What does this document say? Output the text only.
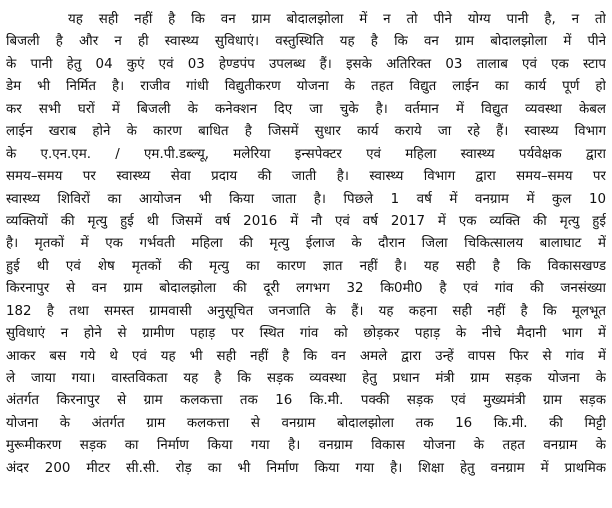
यह सही नहीं है कि वन ग्राम बोदालझोला में न तो पीने योग्य पानी है, न तो
बिजली है और न ही स्वास्थ्य सुविधाएं। वस्तुस्थिति यह है कि वन ग्राम बोदालझोला में पीने
के पानी हेतु 04 कुएं एवं 03 हेण्डपंप उपलब्ध हैं। इसके अतिरिक्त 03 तालाब एवं एक स्टाप
डेम भी निर्मित है। राजीव गांधी विद्युतीकरण योजना के तहत विद्युत लाईन का कार्य पूर्ण हो
कर सभी घरों में बिजली के कनेक्शन दिए जा चुके है। वर्तमान में विद्युत व्यवस्था केबल
लाईन खराब होने के कारण बाधित है जिसमें सुधार कार्य कराये जा रहे हैं। स्वास्थ्य विभाग
के ए.एन.एम. / एम.पी.डब्ल्यू, मलेरिया इन्सपेक्टर एवं महिला स्वास्थ्य पर्यवेक्षक द्वारा
समय–समय पर स्वास्थ्य सेवा प्रदाय की जाती है। स्वास्थ्य विभाग द्वारा समय–समय पर
स्वास्थ्य शिविरों का आयोजन भी किया जाता है। पिछले 1 वर्ष में वनग्राम में कुल 10
व्यक्तियों की मृत्यु हुई थी जिसमें वर्ष 2016 में नौ एवं वर्ष 2017 में एक व्यक्ति की मृत्यु हुई
है। मृतकों में एक गर्भवती महिला की मृत्यु ईलाज के दौरान जिला चिकित्सालय बालाघाट में
हुई थी एवं शेष मृतकों की मृत्यु का कारण ज्ञात नहीं है। यह सही है कि विकासखण्ड
किरनापुर से वन ग्राम बोदालझोला की दूरी लगभग 32 कि0मी0 है एवं गांव की जनसंख्या
182 है तथा समस्त ग्रामवासी अनुसूचित जनजाति के हैं। यह कहना सही नहीं है कि मूलभूत
सुविधाएं न होने से ग्रामीण पहाड़ पर स्थित गांव को छोड़कर पहाड़ के नीचे मैदानी भाग में
आकर बस गये थे एवं यह भी सही नहीं है कि वन अमले द्वारा उन्हें वापस फिर से गांव में
ले जाया गया। वास्तविकता यह है कि सड़क व्यवस्था हेतु प्रधान मंत्री ग्राम सड़क योजना के
अंतर्गत किरनापुर से ग्राम कलकत्ता तक 16 कि.मी. पक्की सड़क एवं मुख्यमंत्री ग्राम सड़क
योजना के अंतर्गत ग्राम कलकत्ता से वनग्राम बोदालझोला तक 16 कि.मी. की मिट्टी
मुरूमीकरण सड़क का निर्माण किया गया है। वनग्राम विकास योजना के तहत वनग्राम के
अंदर 200 मीटर सी.सी. रोड़ का भी निर्माण किया गया है। शिक्षा हेतु वनग्राम में प्राथमिक
